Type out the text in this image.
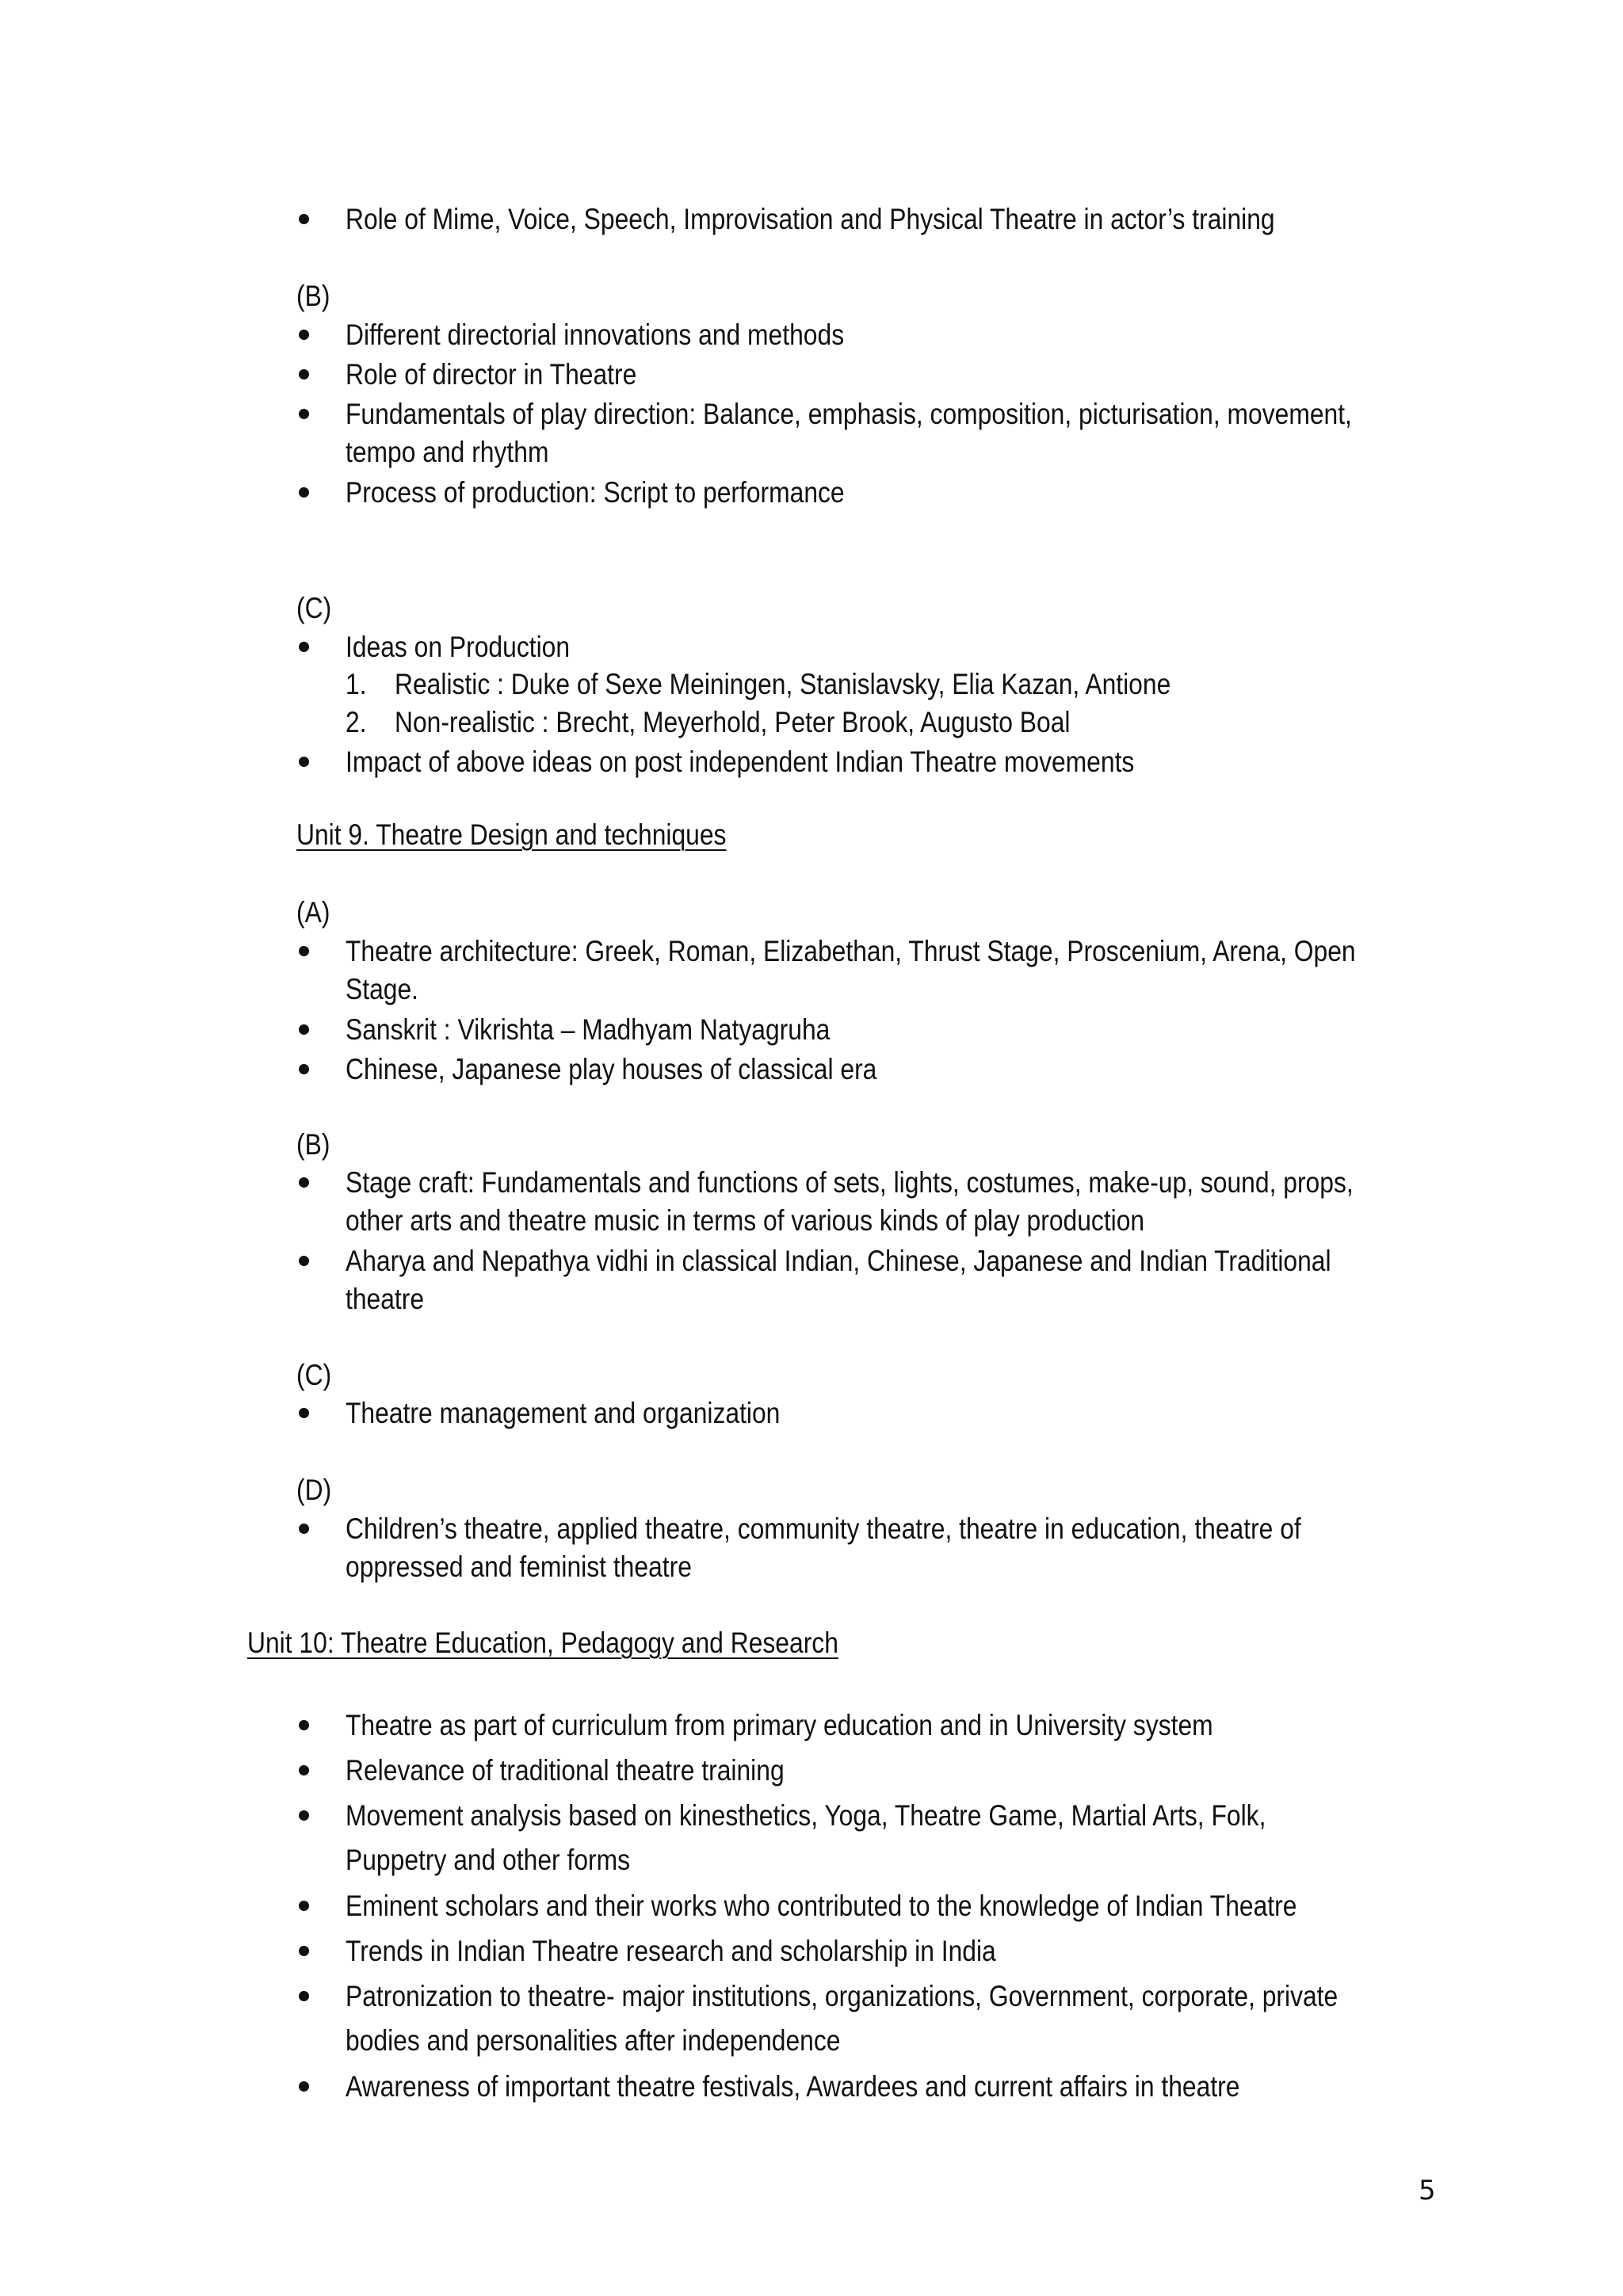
Role of Mime, Voice, Speech, Improvisation and Physical Theatre in actor’s training
(B)
Different directorial innovations and methods
Role of director in Theatre
Fundamentals of play direction: Balance, emphasis, composition, picturisation, movement,
tempo and rhythm
Process of production: Script to performance
(C)
Ideas on Production
1. Realistic : Duke of Sexe Meiningen, Stanislavsky, Elia Kazan, Antione
2. Non-realistic : Brecht, Meyerhold, Peter Brook, Augusto Boal
Impact of above ideas on post independent Indian Theatre movements
Unit 9. Theatre Design and techniques
(A)
Theatre architecture: Greek, Roman, Elizabethan, Thrust Stage, Proscenium, Arena, Open
Stage.
Sanskrit : Vikrishta – Madhyam Natyagruha
Chinese, Japanese play houses of classical era
(B)
Stage craft: Fundamentals and functions of sets, lights, costumes, make-up, sound, props,
other arts and theatre music in terms of various kinds of play production
Aharya and Nepathya vidhi in classical Indian, Chinese, Japanese and Indian Traditional
theatre
(C)
Theatre management and organization
(D)
Children’s theatre, applied theatre, community theatre, theatre in education, theatre of
oppressed and feminist theatre
Unit 10: Theatre Education, Pedagogy and Research
Theatre as part of curriculum from primary education and in University system
Relevance of traditional theatre training
Movement analysis based on kinesthetics, Yoga, Theatre Game, Martial Arts, Folk,
Puppetry and other forms
Eminent scholars and their works who contributed to the knowledge of Indian Theatre
Trends in Indian Theatre research and scholarship in India
Patronization to theatre- major institutions, organizations, Government, corporate, private
bodies and personalities after independence
Awareness of important theatre festivals, Awardees and current affairs in theatre
5
